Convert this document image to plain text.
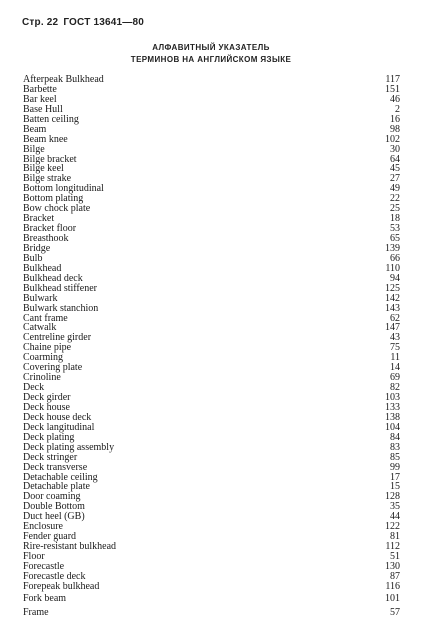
Стр. 22 ГОСТ 13641—80
АЛФАВИТНЫЙ УКАЗАТЕЛЬ
ТЕРМИНОВ НА АНГЛИЙСКОМ ЯЗЫКЕ
Afterpeak Bulkhead	117
Barbette	151
Bar keel	46
Base Hull	2
Batten ceiling	16
Beam	98
Beam knee	102
Bilge	30
Bilge bracket	64
Bilge keel	45
Bilge strake	27
Bottom longitudinal	49
Bottom plating	22
Bow chock plate	25
Bracket	18
Bracket floor	53
Breasthook	65
Bridge	139
Bulb	66
Bulkhead	110
Bulkhead deck	94
Bulkhead stiffener	125
Bulwark	142
Bulwark stanchion	143
Cant frame	62
Catwalk	147
Centreline girder	43
Chaine pipe	75
Coarming	11
Covering plate	14
Crinoline	69
Deck	82
Deck girder	103
Deck house	133
Deck house deck	138
Deck langitudinal	104
Deck plating	84
Deck plating assembly	83
Deck stringer	85
Deck transverse	99
Detachable ceiling	17
Detachable plate	15
Door coaming	128
Double Bottom	35
Duct heel (GB)	44
Enclosure	122
Fender guard	81
Rire-resistant bulkhead	112
Floor	51
Forecastle	130
Forecastle deck	87
Forepeak bulkhead	116
Fork beam	101
Frame	57
